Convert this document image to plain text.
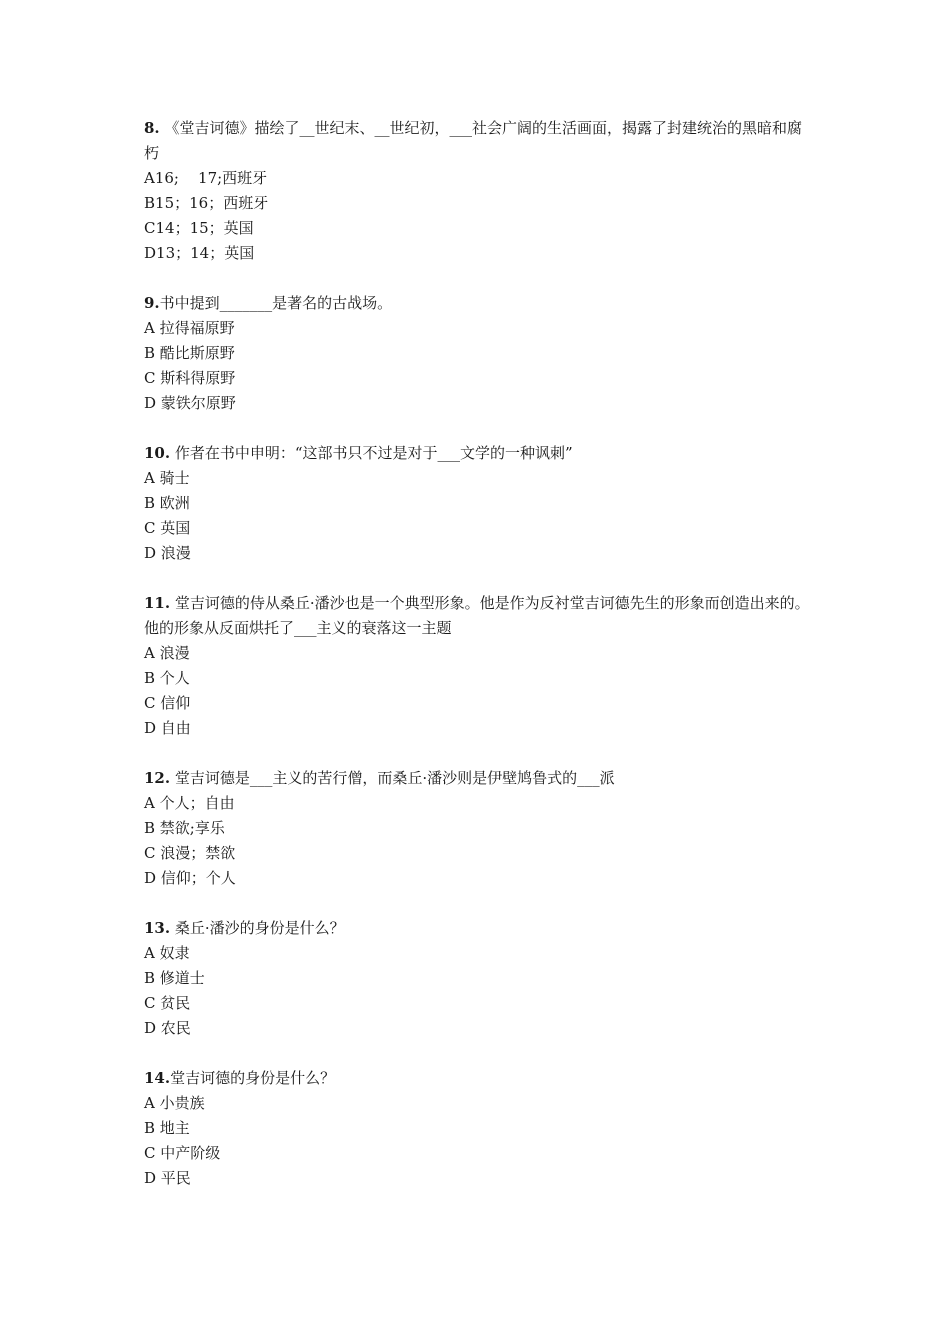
8. 《堂吉诃德》描绘了__世纪末、__世纪初，___社会广阔的生活画面，揭露了封建统治的黑暗和腐朽
A16;    17;西班牙
B15；16；西班牙
C14；15；英国
D13；14；英国
9.书中提到_______是著名的古战场。
A 拉得福原野
B 酷比斯原野
C 斯科得原野
D 蒙铁尔原野
10. 作者在书中申明：“这部书只不过是对于___文学的一种讽刺”
A 骑士
B 欧洲
C 英国
D 浪漫
11. 堂吉诃德的侍从桑丘·潘沙也是一个典型形象。他是作为反衬堂吉诃德先生的形象而创造出来的。他的形象从反面烘托了___主义的衰落这一主题
A 浪漫
B 个人
C 信仰
D 自由
12. 堂吉诃德是___主义的苦行僧，而桑丘·潘沙则是伊壁鸠鲁式的___派
A 个人；自由
B 禁欲;享乐
C 浪漫；禁欲
D 信仰；个人
13. 桑丘·潘沙的身份是什么？
A 奴隶
B 修道士
C 贫民
D 农民
14.堂吉诃德的身份是什么？
A 小贵族
B 地主
C 中产阶级
D 平民
